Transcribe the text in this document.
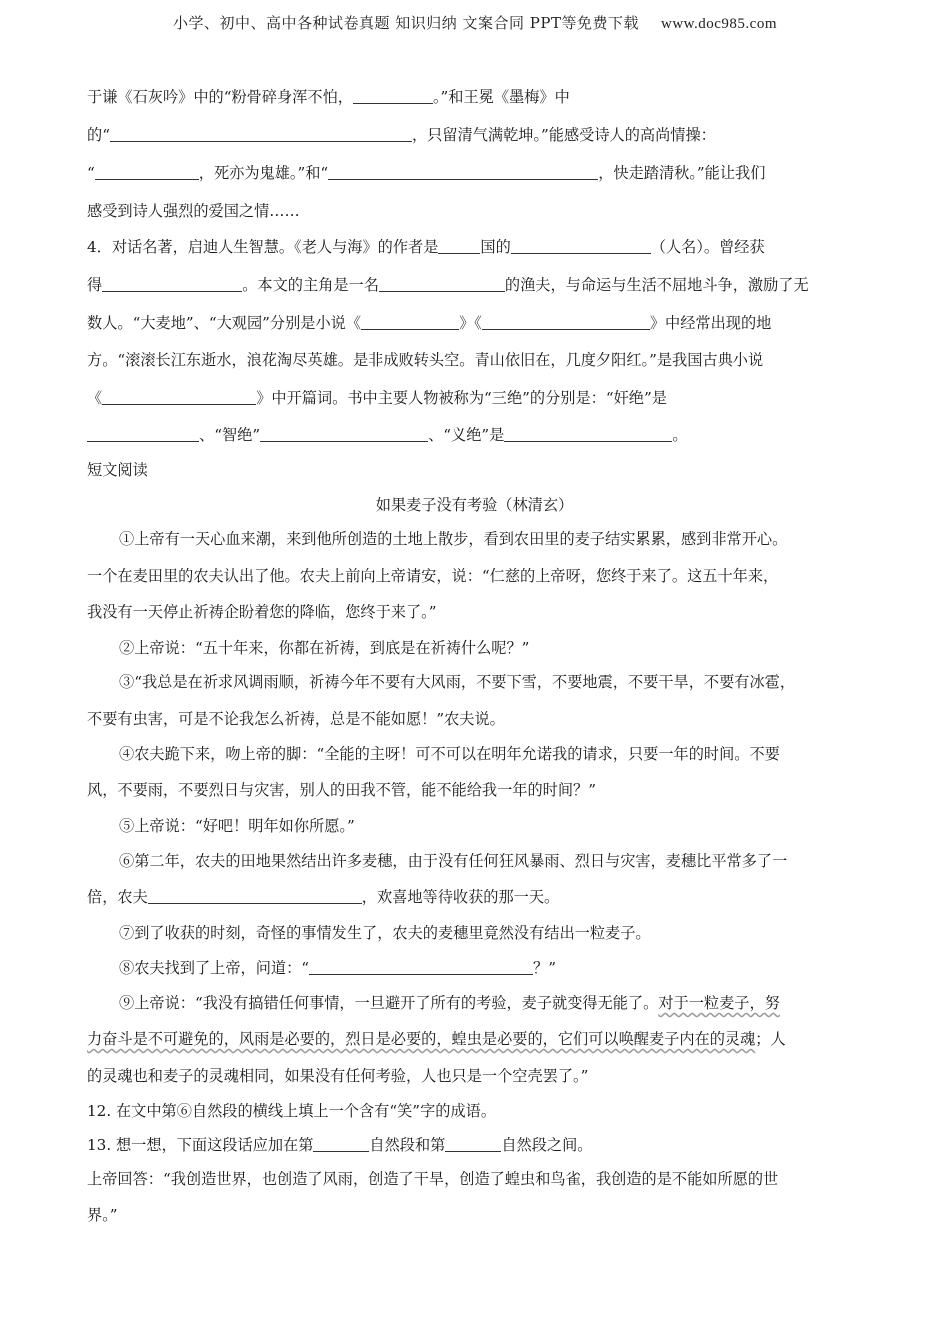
小学、初中、高中各种试卷真题 知识归纳 文案合同 PPT等免费下载 www.doc985.com
于谦《石灰吟》中的“粉骨碎身浑不怕，	。”和王冕《墨梅》中
的“	，只留清气满乾坤。”能感受诗人的高尚情操：
“	，死亦为鬼雄。”和“	，快走踏清秋。”能让我们
感受到诗人强烈的爱国之情……
4．对话名著，启迪人生智慧。《老人与海》的作者是	国的	（人名）。曾经获
得	。本文的主角是一名	的渔夫，与命运与生活不屈地斗争，激励了无
数人。“大麦地”、“大观园”分别是小说《	》《	》中经常出现的地
方。“滚滚长江东逝水，浪花淘尽英雄。是非成败转头空。青山依旧在，几度夕阳红。”是我国古典小说
《	》中开篇词。书中主要人物被称为“三绝”的分别是：“奸绝”是
、“智绝”	、“义绝”是	。
短文阅读
如果麦子没有考验（林清玄）
①上帝有一天心血来潮，来到他所创造的土地上散步，看到农田里的麦子结实累累，感到非常开心。
一个在麦田里的农夫认出了他。农夫上前向上帝请安，说：“仁慈的上帝呀，您终于来了。这五十年来，
我没有一天停止祈祷企盼着您的降临，您终于来了。”
②上帝说：“五十年来，你都在祈祷，到底是在祈祷什么呢？”
③“我总是在祈求风调雨顺，祈祷今年不要有大风雨，不要下雪，不要地震，不要干旱，不要有冰雹，
不要有虫害，可是不论我怎么祈祷，总是不能如愿！”农夫说。
④农夫跪下来，吻上帝的脚：“全能的主呀！可不可以在明年允诺我的请求，只要一年的时间。不要
风，不要雨，不要烈日与灾害，别人的田我不管，能不能给我一年的时间？”
⑤上帝说：“好吧！明年如你所愿。”
⑥第二年，农夫的田地果然结出许多麦穗，由于没有任何狂风暴雨、烈日与灾害，麦穗比平常多了一
倍，农夫	，欢喜地等待收获的那一天。
⑦到了收获的时刻，奇怪的事情发生了，农夫的麦穗里竟然没有结出一粒麦子。
⑧农夫找到了上帝，问道：“	？”
⑨上帝说：“我没有搞错任何事情，一旦避开了所有的考验，麦子就变得无能了。对于一粒麦子，努
力奋斗是不可避免的，风雨是必要的，烈日是必要的，蝗虫是必要的，它们可以唤醒麦子内在的灵魂；人
的灵魂也和麦子的灵魂相同，如果没有任何考验，人也只是一个空壳罢了。”
12. 在文中第⑥自然段的横线上填上一个含有“笑”字的成语。
13. 想一想，下面这段话应加在第	自然段和第	自然段之间。
上帝回答：“我创造世界，也创造了风雨，创造了干旱，创造了蝗虫和鸟雀，我创造的是不能如所愿的世
界。”
